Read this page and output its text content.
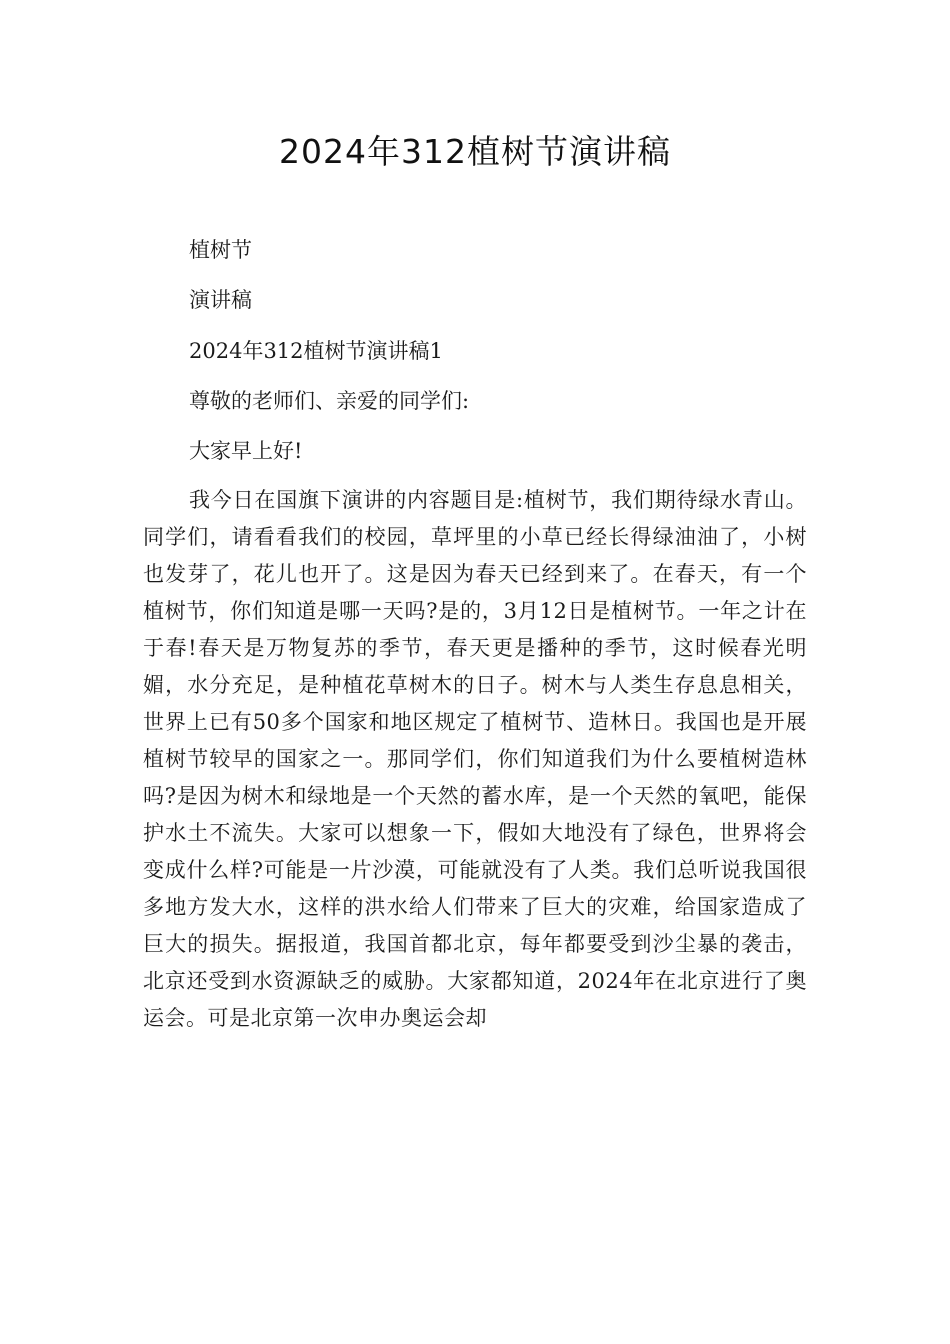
2024年312植树节演讲稿
植树节
演讲稿
2024年312植树节演讲稿1
尊敬的老师们、亲爱的同学们:
大家早上好!
我今日在国旗下演讲的内容题目是:植树节，我们期待绿水青山。同学们，请看看我们的校园，草坪里的小草已经长得绿油油了，小树也发芽了，花儿也开了。这是因为春天已经到来了。在春天，有一个植树节，你们知道是哪一天吗?是的，3月12日是植树节。一年之计在于春!春天是万物复苏的季节，春天更是播种的季节，这时候春光明媚，水分充足，是种植花草树木的日子。树木与人类生存息息相关，世界上已有50多个国家和地区规定了植树节、造林日。我国也是开展植树节较早的国家之一。那同学们，你们知道我们为什么要植树造林吗?是因为树木和绿地是一个天然的蓄水库，是一个天然的氧吧，能保护水土不流失。大家可以想象一下，假如大地没有了绿色，世界将会变成什么样?可能是一片沙漠，可能就没有了人类。我们总听说我国很多地方发大水，这样的洪水给人们带来了巨大的灾难，给国家造成了巨大的损失。据报道，我国首都北京，每年都要受到沙尘暴的袭击，北京还受到水资源缺乏的威胁。大家都知道，2024年在北京进行了奥运会。可是北京第一次申办奥运会却
